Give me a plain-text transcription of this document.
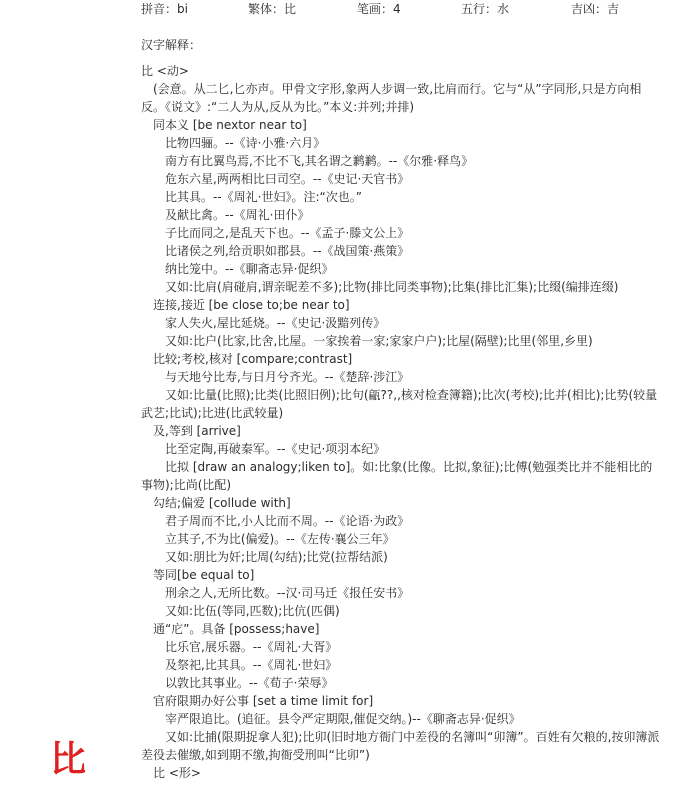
拼音：bi	繁体：比	笔画：4	五行：水	吉凶：吉
汉字解释：
比 <动>
(会意。从二匕,匕亦声。甲骨文字形,象两人步调一致,比肩而行。它与“从”字同形,只是方向相反。《说文》:“二人为从,反从为比。”本义:并列;并排)
同本义 [be nextor near to]
比物四骊。--《诗·小雅·六月》
南方有比翼鸟焉,不比不飞,其名谓之鹣鹣。--《尔雅·释鸟》
危东六星,两两相比曰司空。--《史记·天官书》
比其具。--《周礼·世妇》。注:“次也。”
及献比禽。--《周礼·田仆》
子比而同之,是乱天下也。--《孟子·滕文公上》
比诸侯之列,给贡职如郡县。--《战国策·燕策》
纳比笼中。--《聊斋志异·促织》
又如:比肩(肩碰肩,谓亲昵差不多);比物(排比同类事物);比集(排比汇集);比缀(编排连缀)
连接,接近 [be close to;be near to]
家人失火,屋比延烧。--《史记·汲黯列传》
又如:比户(比家,比舍,比屋。一家挨着一家;家家户户);比屋(隔壁);比里(邻里,乡里)
比较;考校,核对 [compare;contrast]
与天地兮比寿,与日月兮齐光。--《楚辞·涉江》
又如:比量(比照);比类(比照旧例);比句(甂??,,核对检查簿籍);比次(考校);比并(相比);比势(较量武艺;比试);比进(比武较量)
及,等到 [arrive]
比至定陶,再破秦军。--《史记·项羽本纪》
比拟 [draw an analogy;liken to]。如:比象(比像。比拟,象征);比傅(勉强类比并不能相比的事物);比尚(比配)
勾结;偏爱 [collude with]
君子周而不比,小人比而不周。--《论语·为政》
立其子,不为比(偏爱)。--《左传·襄公三年》
又如:朋比为奸;比周(勾结);比党(拉帮结派)
等同[be equal to]
刑余之人,无所比数。--汉·司马迁《报任安书》
又如:比伍(等同,匹数);比伉(匹偶)
通“庀”。具备 [possess;have]
比乐官,展乐器。--《周礼·大胥》
及祭祀,比其具。--《周礼·世妇》
以敦比其事业。--《荀子·荣辱》
官府限期办好公事 [set a time limit for]
宰严限追比。(追征。县令严定期限,催促交纳。)--《聊斋志异·促织》
又如:比捕(限期捉拿人犯);比卯(旧时地方衙门中差役的名簿叫“卯簿”。百姓有欠粮的,按卯簿派差役去催缴,如到期不缴,拘衙受刑叫“比卯”)
比 <形>
比
